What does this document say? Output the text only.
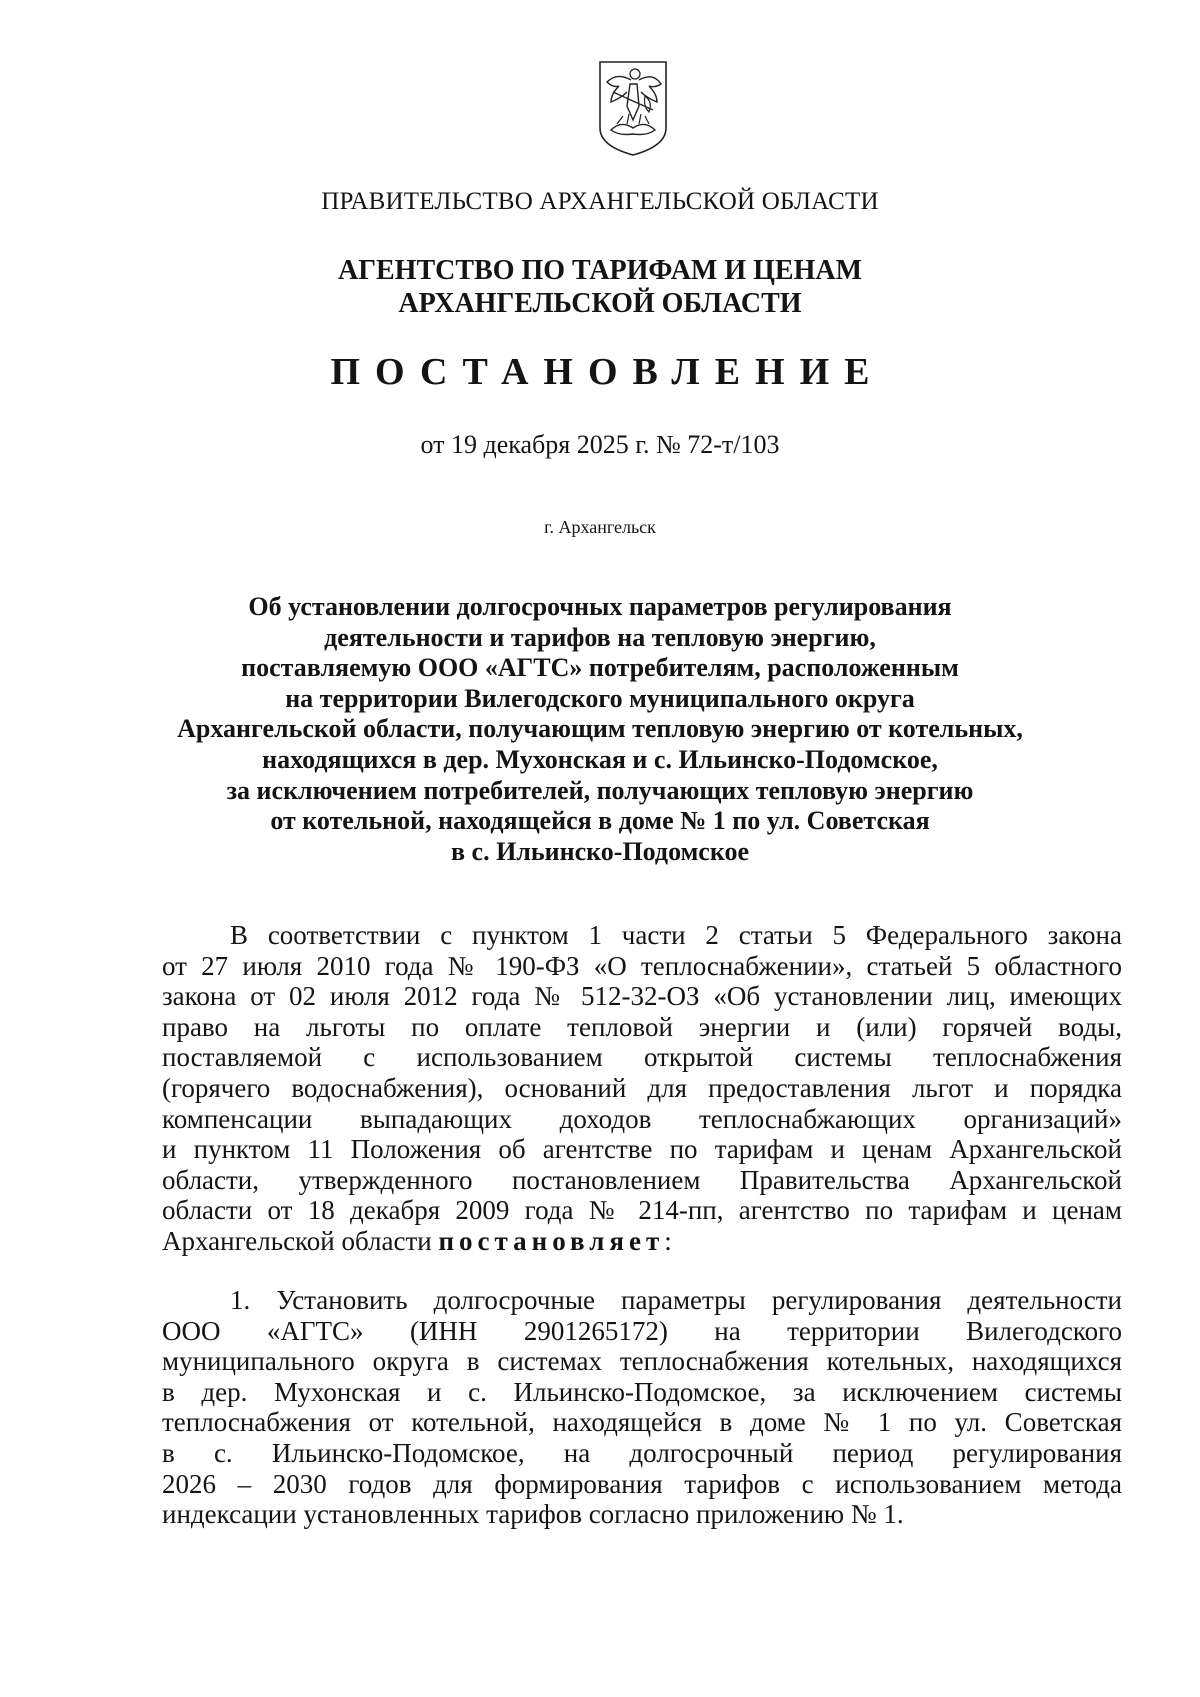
ПРАВИТЕЛЬСТВО АРХАНГЕЛЬСКОЙ ОБЛАСТИ
АГЕНТСТВО ПО ТАРИФАМ И ЦЕНАМ
АРХАНГЕЛЬСКОЙ ОБЛАСТИ
ПОСТАНОВЛЕНИЕ
от 19 декабря 2025 г. № 72-т/103
г. Архангельск
Об установлении долгосрочных параметров регулирования
деятельности и тарифов на тепловую энергию,
поставляемую ООО «АГТС» потребителям, расположенным
на территории Вилегодского муниципального округа
Архангельской области, получающим тепловую энергию от котельных,
находящихся в дер. Мухонская и с. Ильинско-Подомское,
за исключением потребителей, получающих тепловую энергию
от котельной, находящейся в доме № 1 по ул. Советская
в с. Ильинско-Подомское
В соответствии с пунктом 1 части 2 статьи 5 Федерального закона
от 27 июля 2010 года № 190-ФЗ «О теплоснабжении», статьей 5 областного
закона от 02 июля 2012 года № 512-32-ОЗ «Об установлении лиц, имеющих
право на льготы по оплате тепловой энергии и (или) горячей воды,
поставляемой с использованием открытой системы теплоснабжения
(горячего водоснабжения), оснований для предоставления льгот и порядка
компенсации выпадающих доходов теплоснабжающих организаций»
и пунктом 11 Положения об агентстве по тарифам и ценам Архангельской
области, утвержденного постановлением Правительства Архангельской
области от 18 декабря 2009 года № 214-пп, агентство по тарифам и ценам
Архангельской области постановляет:
1. Установить долгосрочные параметры регулирования деятельности
ООО «АГТС» (ИНН 2901265172) на территории Вилегодского
муниципального округа в системах теплоснабжения котельных, находящихся
в дер. Мухонская и с. Ильинско-Подомское, за исключением системы
теплоснабжения от котельной, находящейся в доме № 1 по ул. Советская
в с. Ильинско-Подомское, на долгосрочный период регулирования
2026 – 2030 годов для формирования тарифов с использованием метода
индексации установленных тарифов согласно приложению № 1.
